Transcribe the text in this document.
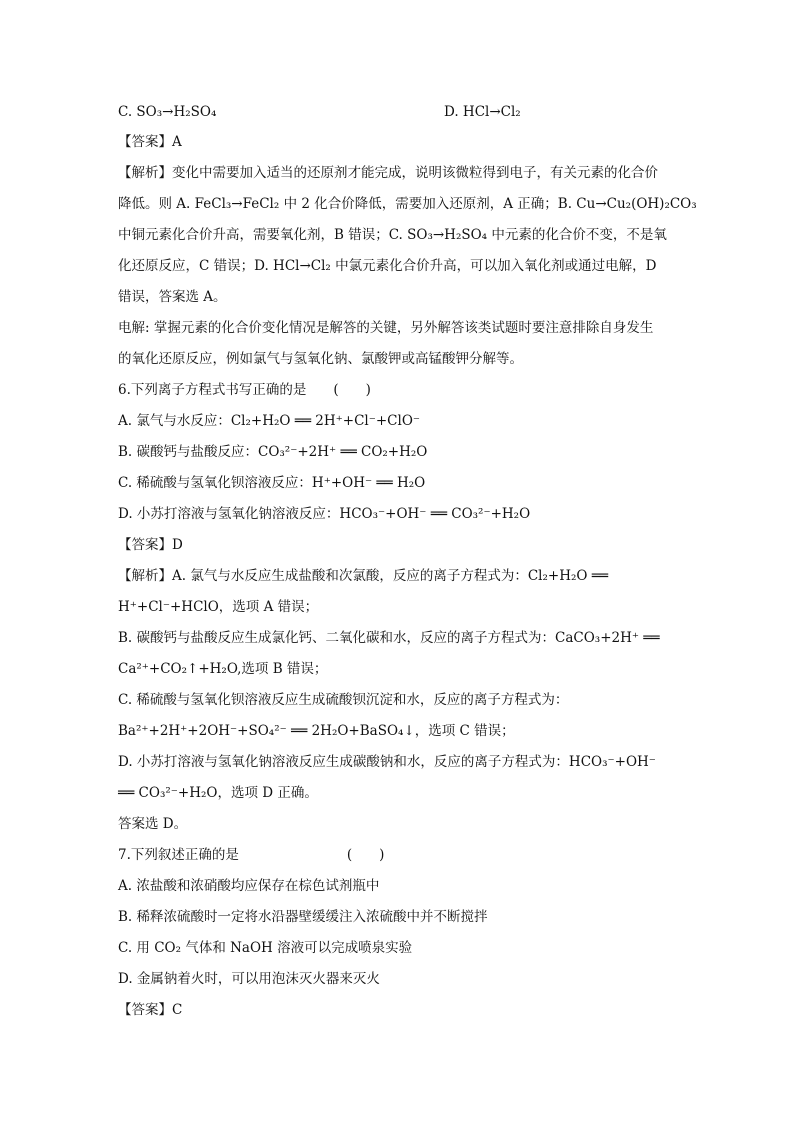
C. SO₃→H₂SO₄	D. HCl→Cl₂
【答案】A
【解析】变化中需要加入适当的还原剂才能完成，说明该微粒得到电子，有关元素的化合价
降低。则 A. FeCl₃→FeCl₂ 中 2 化合价降低，需要加入还原剂，A 正确；B. Cu→Cu₂(OH)₂CO₃
中铜元素化合价升高，需要氧化剂，B 错误；C. SO₃→H₂SO₄ 中元素的化合价不变，不是氧
化还原反应，C 错误；D. HCl→Cl₂ 中氯元素化合价升高，可以加入氧化剂或通过电解，D
错误，答案选 A。
电解: 掌握元素的化合价变化情况是解答的关键，另外解答该类试题时要注意排除自身发生
的氧化还原反应，例如氯气与氢氧化钠、氯酸钾或高锰酸钾分解等。
6.下列离子方程式书写正确的是　　(　　)
A. 氯气与水反应：Cl₂+H₂O ══ 2H⁺+Cl⁻+ClO⁻
B. 碳酸钙与盐酸反应：CO₃²⁻+2H⁺ ══ CO₂+H₂O
C. 稀硫酸与氢氧化钡溶液反应：H⁺+OH⁻ ══ H₂O
D. 小苏打溶液与氢氧化钠溶液反应：HCO₃⁻+OH⁻ ══ CO₃²⁻+H₂O
【答案】D
【解析】A. 氯气与水反应生成盐酸和次氯酸，反应的离子方程式为：Cl₂+H₂O ══
H⁺+Cl⁻+HClO，选项 A 错误；
B. 碳酸钙与盐酸反应生成氯化钙、二氧化碳和水，反应的离子方程式为：CaCO₃+2H⁺ ══
Ca²⁺+CO₂↑+H₂O,选项 B 错误；
C. 稀硫酸与氢氧化钡溶液反应生成硫酸钡沉淀和水，反应的离子方程式为：
Ba²⁺+2H⁺+2OH⁻+SO₄²⁻ ══ 2H₂O+BaSO₄↓，选项 C 错误；
D. 小苏打溶液与氢氧化钠溶液反应生成碳酸钠和水，反应的离子方程式为：HCO₃⁻+OH⁻
══ CO₃²⁻+H₂O，选项 D 正确。
答案选 D。
7.下列叙述正确的是　　　　　　　　(　　)
A. 浓盐酸和浓硝酸均应保存在棕色试剂瓶中
B. 稀释浓硫酸时一定将水沿器壁缓缓注入浓硫酸中并不断搅拌
C. 用 CO₂ 气体和 NaOH 溶液可以完成喷泉实验
D. 金属钠着火时，可以用泡沫灭火器来灭火
【答案】C
